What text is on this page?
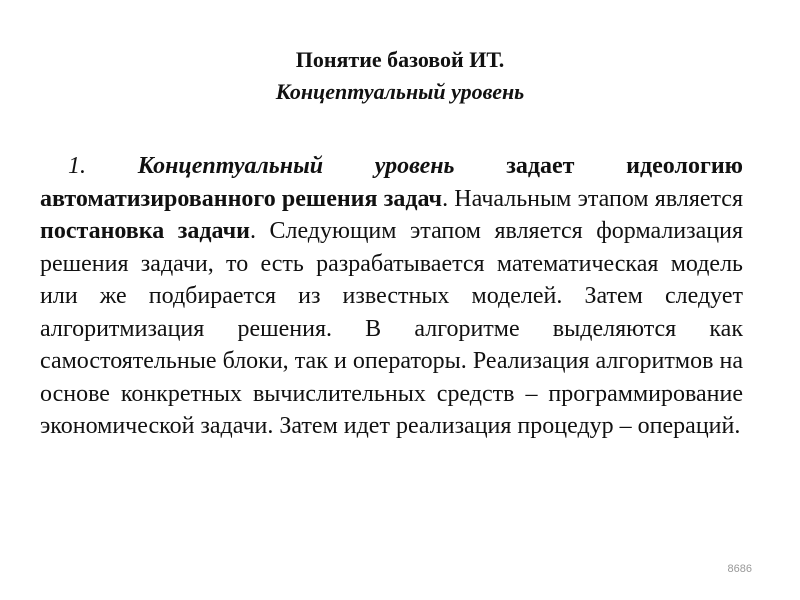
Понятие базовой ИТ.
Концептуальный уровень

1. Концептуальный уровень задает идеологию автоматизированного решения задач. Начальным этапом является постановка задачи. Следующим этапом является формализация решения задачи, то есть разрабатывается математическая модель или же подбирается из известных моделей. Затем следует алгоритмизация решения. В алгоритме выделяются как самостоятельные блоки, так и операторы. Реализация алгоритмов на основе конкретных вычислительных средств – программирование экономической задачи. Затем идет реализация процедур – операций.

8686
